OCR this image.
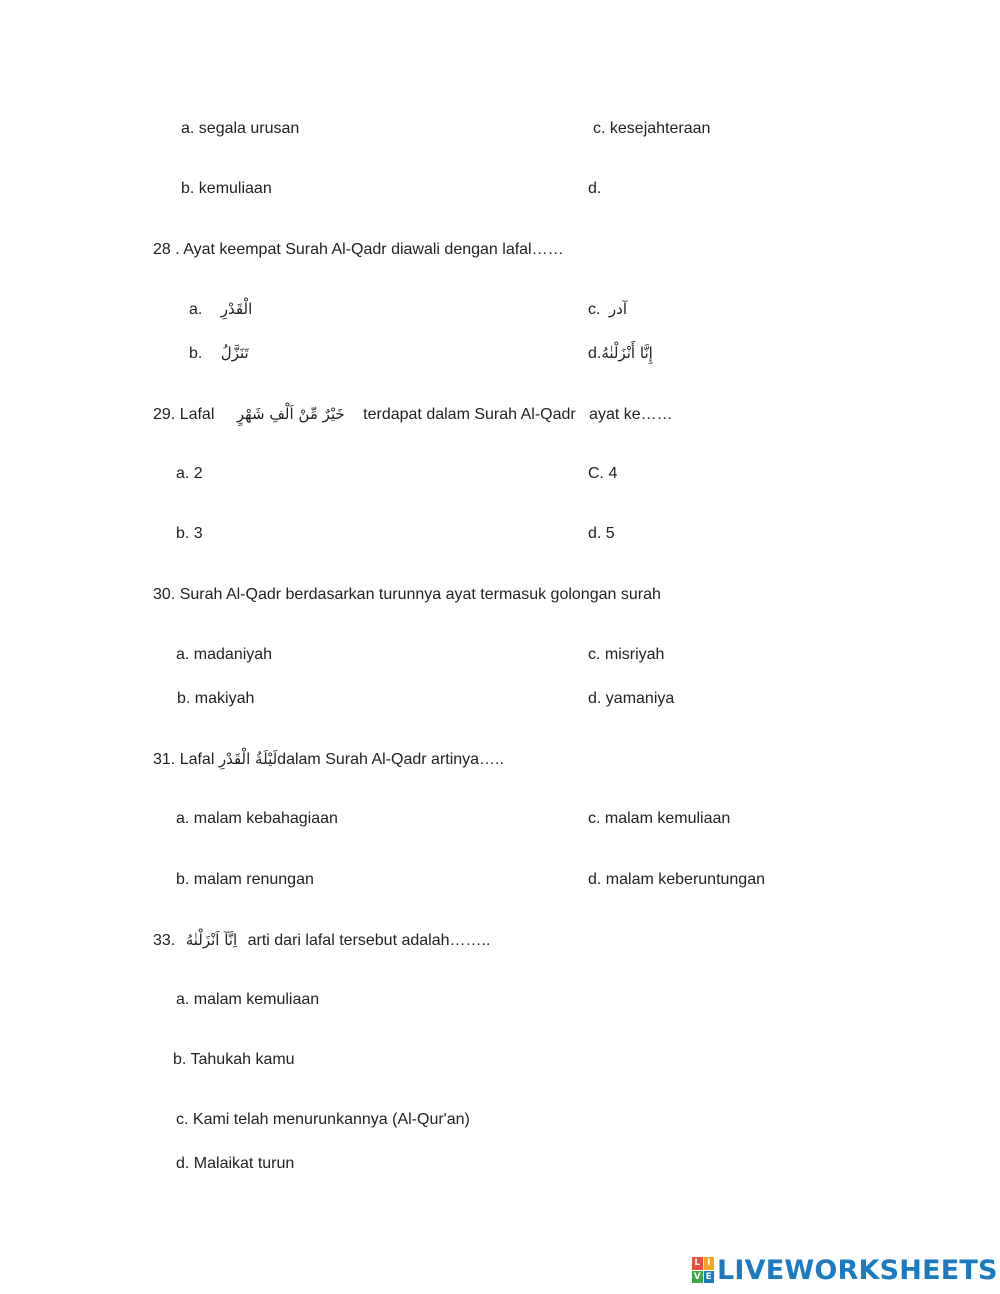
a. segala urusan	c. kesejahteraan
b. kemuliaan	d.
28 . Ayat keempat Surah Al-Qadr diawali dengan lafal……
a. الْقَدْرِ	c. آدر
b. تَنَزَّلُ	d.إِنَّا أَنْزَلْنٰهُ
29. Lafal خَيْرٌ مِّنْ اَلْفِ شَهْرٍ terdapat dalam Surah Al-Qadr   ayat ke……
a. 2	C. 4
b. 3	d. 5
30. Surah Al-Qadr berdasarkan turunnya ayat termasuk golongan surah
a. madaniyah	c. misriyah
b. makiyah	d. yamaniya
31. Lafal لَيْلَةُ الْقَدْرِdalam Surah Al-Qadr artinya…..
a. malam kebahagiaan	c. malam kemuliaan
b. malam renungan	d. malam keberuntungan
33. اِنَّآ اَنْزَلْنٰهُ arti dari lafal tersebut adalah……..
a. malam kemuliaan
b. Tahukah kamu
c. Kami telah menurunkannya (Al-Qur'an)
d. Malaikat turun
L I
V E LIVEWORKSHEETS
